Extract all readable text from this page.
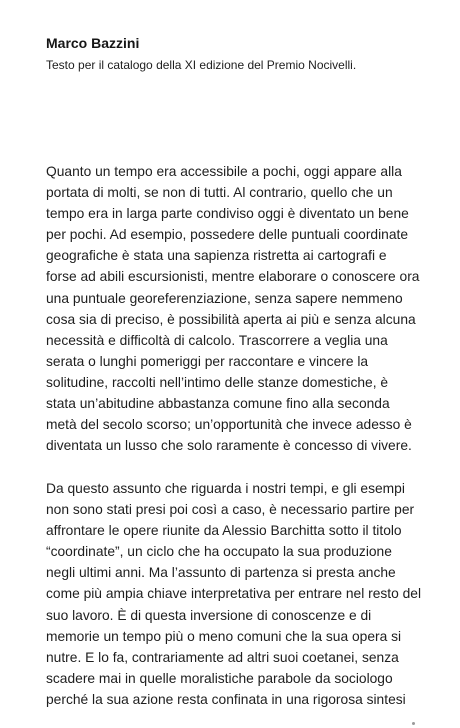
Marco Bazzini
Testo per il catalogo della XI edizione del Premio Nocivelli.
Quanto un tempo era accessibile a pochi, oggi appare alla
portata di molti, se non di tutti. Al contrario, quello che un
tempo era in larga parte condiviso oggi è diventato un bene
per pochi. Ad esempio, possedere delle puntuali coordinate
geografiche è stata una sapienza ristretta ai cartografi e
forse ad abili escursionisti, mentre elaborare o conoscere ora
una puntuale georeferenziazione, senza sapere nemmeno
cosa sia di preciso, è possibilità aperta ai più e senza alcuna
necessità e difficoltà di calcolo. Trascorrere a veglia una
serata o lunghi pomeriggi per raccontare e vincere la
solitudine, raccolti nell’intimo delle stanze domestiche, è
stata un’abitudine abbastanza comune fino alla seconda
metà del secolo scorso; un’opportunità che invece adesso è
diventata un lusso che solo raramente è concesso di vivere.
Da questo assunto che riguarda i nostri tempi, e gli esempi
non sono stati presi poi così a caso, è necessario partire per
affrontare le opere riunite da Alessio Barchitta sotto il titolo
“coordinate”, un ciclo che ha occupato la sua produzione
negli ultimi anni. Ma l’assunto di partenza si presta anche
come più ampia chiave interpretativa per entrare nel resto del
suo lavoro. È di questa inversione di conoscenze e di
memorie un tempo più o meno comuni che la sua opera si
nutre. E lo fa, contrariamente ad altri suoi coetanei, senza
scadere mai in quelle moralistiche parabole da sociologo
perché la sua azione resta confinata in una rigorosa sintesi
